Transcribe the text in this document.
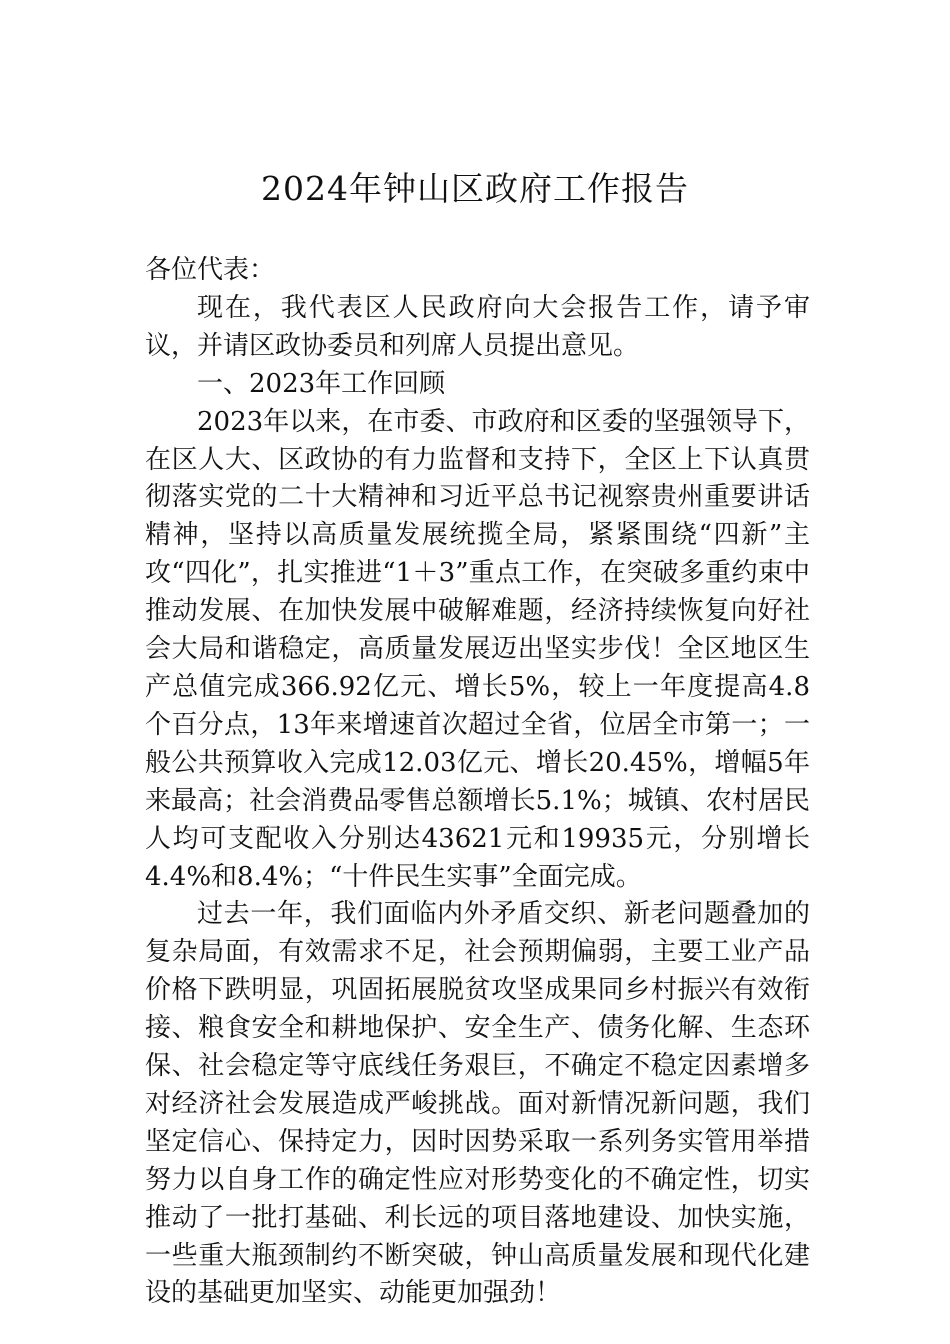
2024年钟山区政府工作报告

各位代表：

现在，我代表区人民政府向大会报告工作，请予审议，并请区政协委员和列席人员提出意见。

一、2023年工作回顾

2023年以来，在市委、市政府和区委的坚强领导下，在区人大、区政协的有力监督和支持下，全区上下认真贯彻落实党的二十大精神和习近平总书记视察贵州重要讲话精神，坚持以高质量发展统揽全局，紧紧围绕“四新”主攻“四化”，扎实推进“1＋3”重点工作，在突破多重约束中推动发展、在加快发展中破解难题，经济持续恢复向好社会大局和谐稳定，高质量发展迈出坚实步伐！全区地区生产总值完成366.92亿元、增长5%，较上一年度提高4.8个百分点，13年来增速首次超过全省，位居全市第一；一般公共预算收入完成12.03亿元、增长20.45%，增幅5年来最高；社会消费品零售总额增长5.1%；城镇、农村居民人均可支配收入分别达43621元和19935元，分别增长4.4%和8.4%；“十件民生实事”全面完成。

过去一年，我们面临内外矛盾交织、新老问题叠加的复杂局面，有效需求不足，社会预期偏弱，主要工业产品价格下跌明显，巩固拓展脱贫攻坚成果同乡村振兴有效衔接、粮食安全和耕地保护、安全生产、债务化解、生态环保、社会稳定等守底线任务艰巨，不确定不稳定因素增多对经济社会发展造成严峻挑战。面对新情况新问题，我们坚定信心、保持定力，因时因势采取一系列务实管用举措努力以自身工作的确定性应对形势变化的不确定性，切实推动了一批打基础、利长远的项目落地建设、加快实施，一些重大瓶颈制约不断突破，钟山高质量发展和现代化建设的基础更加坚实、动能更加强劲！
